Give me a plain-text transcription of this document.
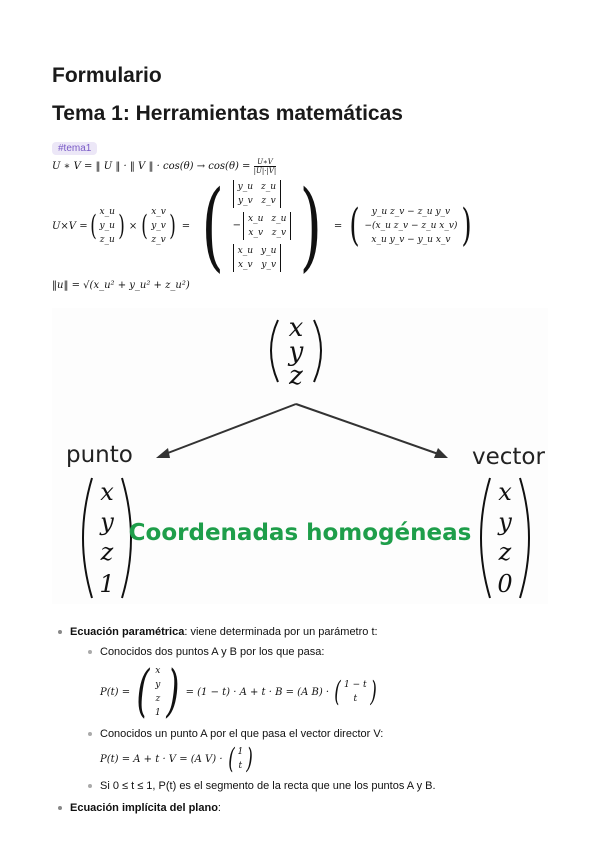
Formulario
Tema 1: Herramientas matemáticas
#tema1
U ∗ V = ‖ U ‖ · ‖ V ‖ · $\cos(\theta) \to \cos(\theta) = \frac{U∗V}{|U|\cdot|V|}$
U×V = ( x_u
y_u
z_u ) × ( x_v
y_v
z_v ) = ( y_u z_u
y_v z_v
−
x_u z_u
x_v z_v
x_u y_u
x_v y_v ) = (	y_u z_v − z_u y_v
−(x_u z_v − z_u x_v)
x_u y_v − y_u x_v )
‖u‖ = √(x_u² + y_u² + z_u²)
x
y
z
punto	vector
x
y
z
1
x
y
z
0
Coordenadas homogéneas
Ecuación paramétrica: viene determinada por un parámetro t:
Conocidos dos puntos A y B por los que pasa:
P(t) = ( x
y
z
1 ) = (1 − t) · A + t · B = (A B) · ( 1 − t
t )
Conocidos un punto A por el que pasa el vector director V:
P(t) = A + t · V = (A V) · ( 1
t )
Si 0 ≤ t ≤ 1, P(t) es el segmento de la recta que une los puntos A y B.
Ecuación implícita del plano:
